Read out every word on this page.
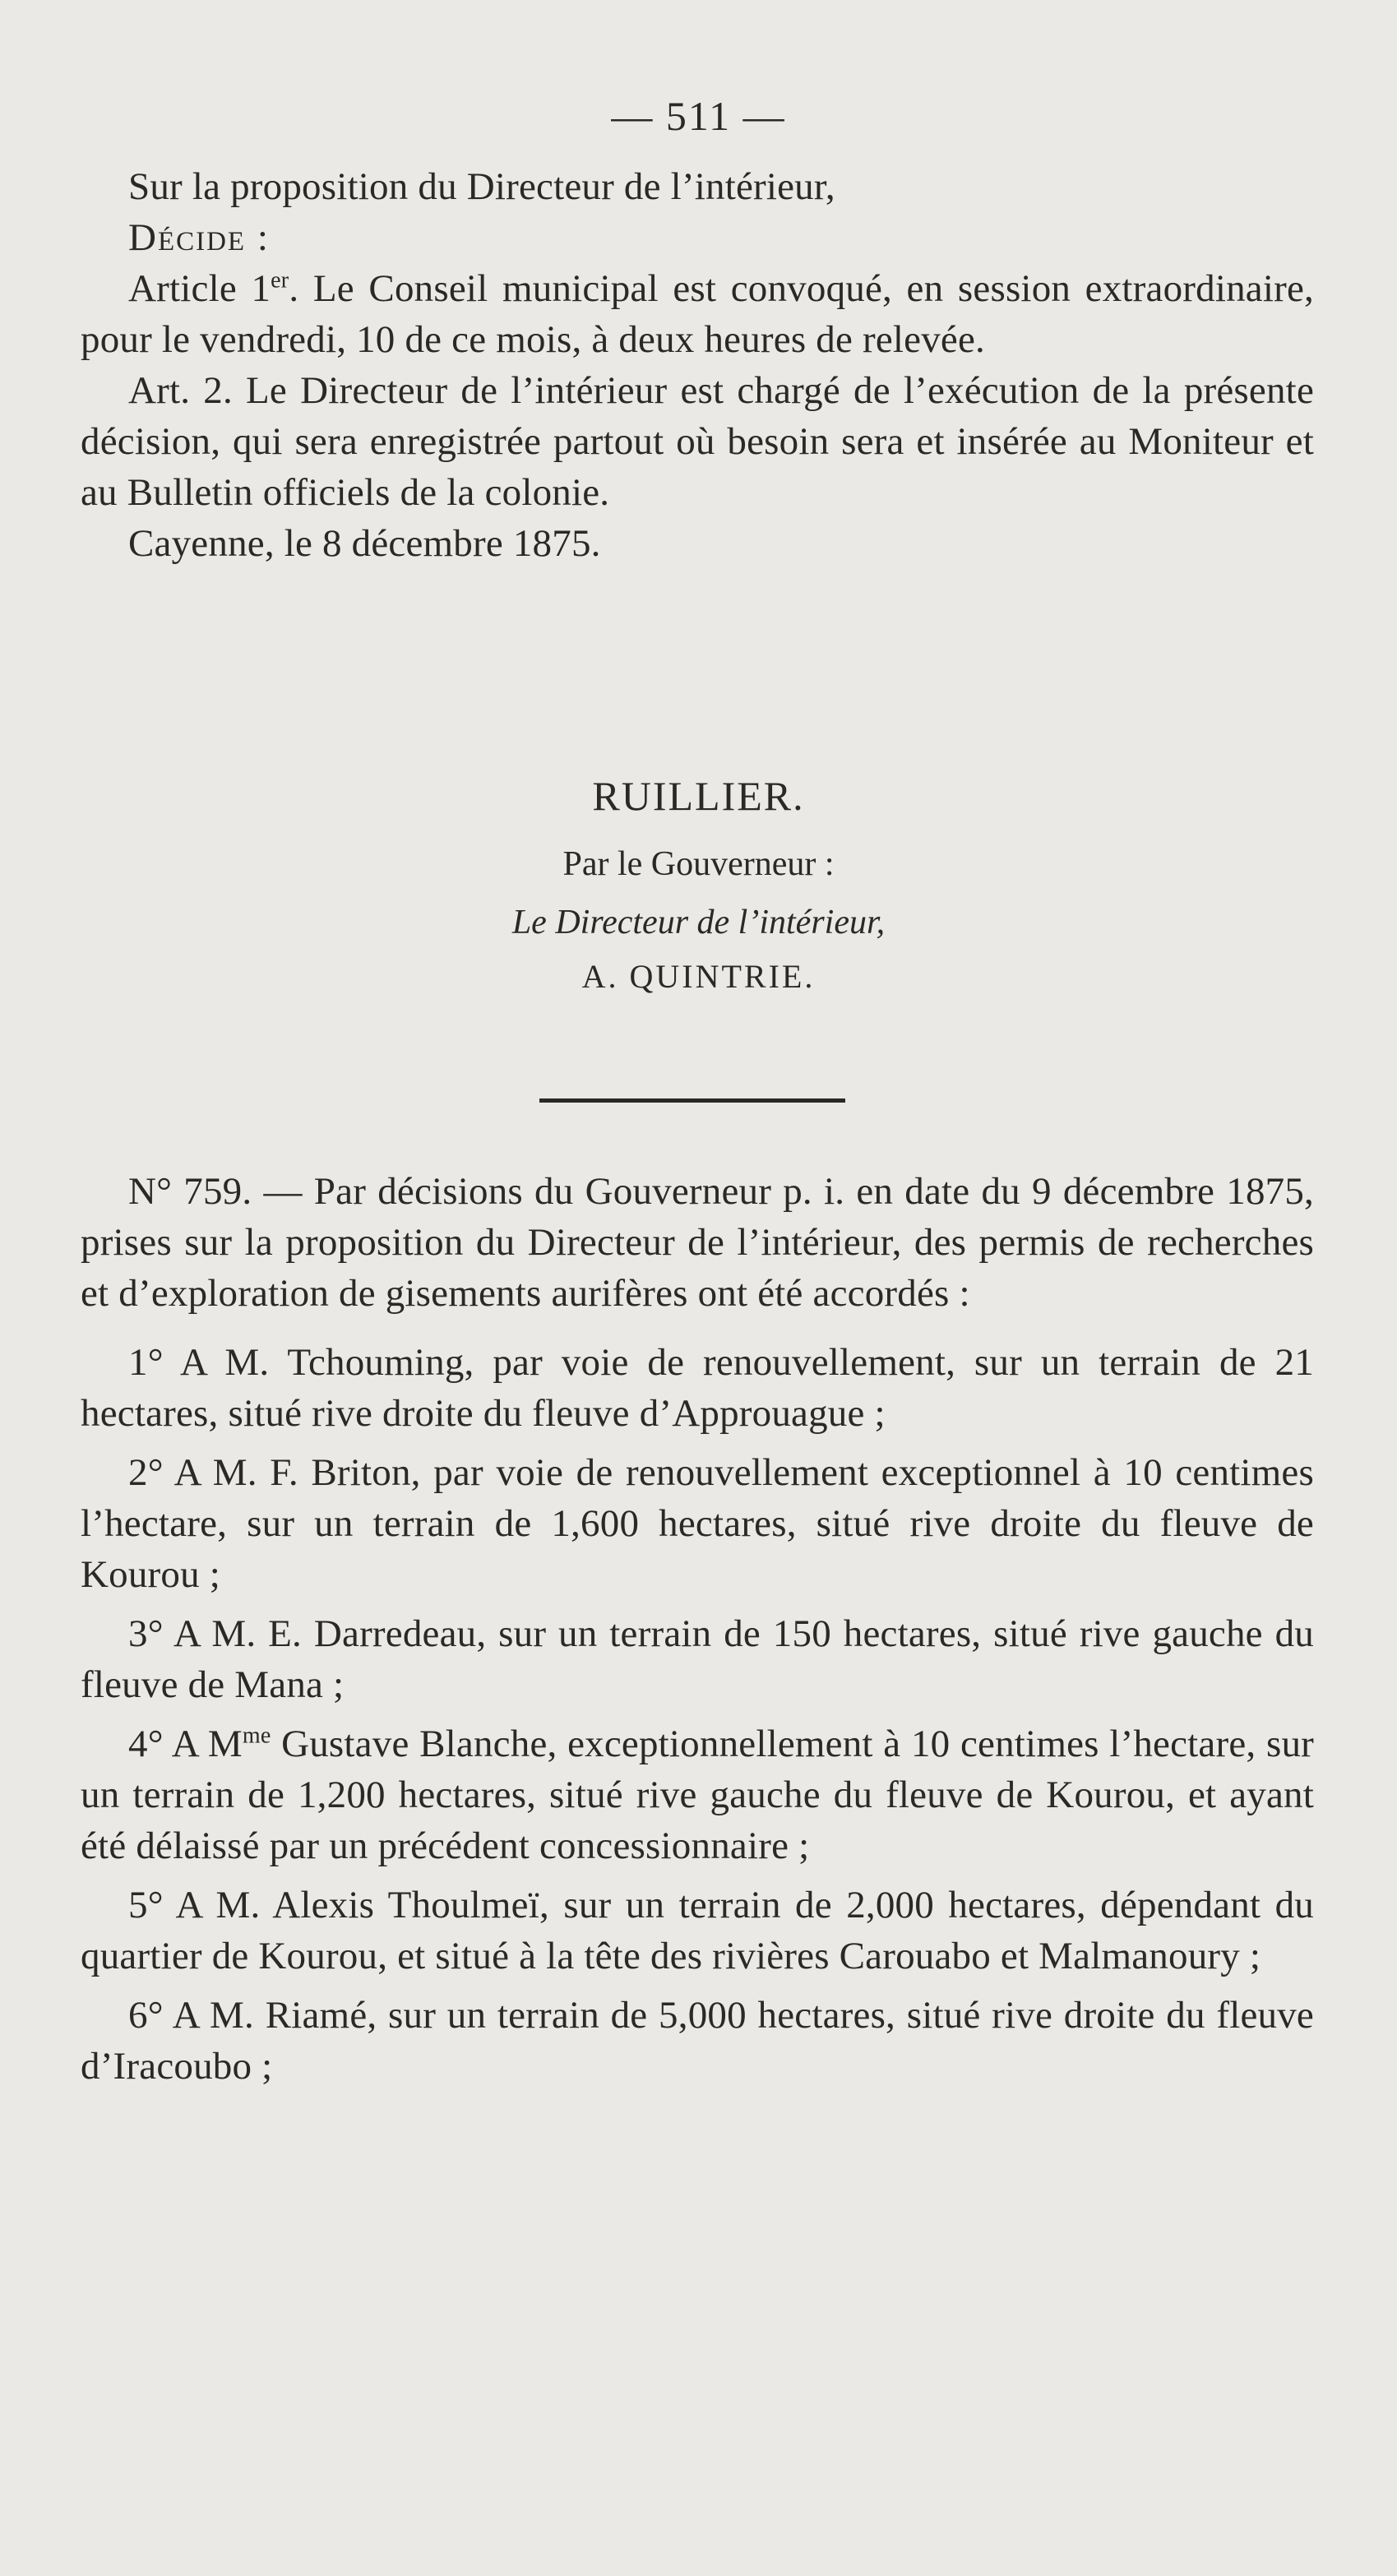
— 511 —

Sur la proposition du Directeur de l’intérieur,

Décide :

Article 1er. Le Conseil municipal est convoqué, en session extraordinaire, pour le vendredi, 10 de ce mois, à deux heures de relevée.

Art. 2. Le Directeur de l’intérieur est chargé de l’exécution de la présente décision, qui sera enregistrée partout où besoin sera et insérée au Moniteur et au Bulletin officiels de la colonie.

Cayenne, le 8 décembre 1875.

RUILLIER.
Par le Gouverneur :
Le Directeur de l’intérieur,
A. QUINTRIE.

N° 759. — Par décisions du Gouverneur p. i. en date du 9 décembre 1875, prises sur la proposition du Directeur de l’intérieur, des permis de recherches et d’exploration de gisements aurifères ont été accordés :

1° A M. Tchouming, par voie de renouvellement, sur un terrain de 21 hectares, situé rive droite du fleuve d’Approuague ;

2° A M. F. Briton, par voie de renouvellement exceptionnel à 10 centimes l’hectare, sur un terrain de 1,600 hectares, situé rive droite du fleuve de Kourou ;

3° A M. E. Darredeau, sur un terrain de 150 hectares, situé rive gauche du fleuve de Mana ;

4° A $M^{me}$ Gustave Blanche, exceptionnellement à 10 centimes l’hectare, sur un terrain de 1,200 hectares, situé rive gauche du fleuve de Kourou, et ayant été délaissé par un précédent concessionnaire ;

5° A M. Alexis Thoulmeï, sur un terrain de 2,000 hectares, dépendant du quartier de Kourou, et situé à la tête des rivières Carouabo et Malmanoury ;

6° A M. Riamé, sur un terrain de 5,000 hectares, situé rive droite du fleuve d’Iracoubo ;
